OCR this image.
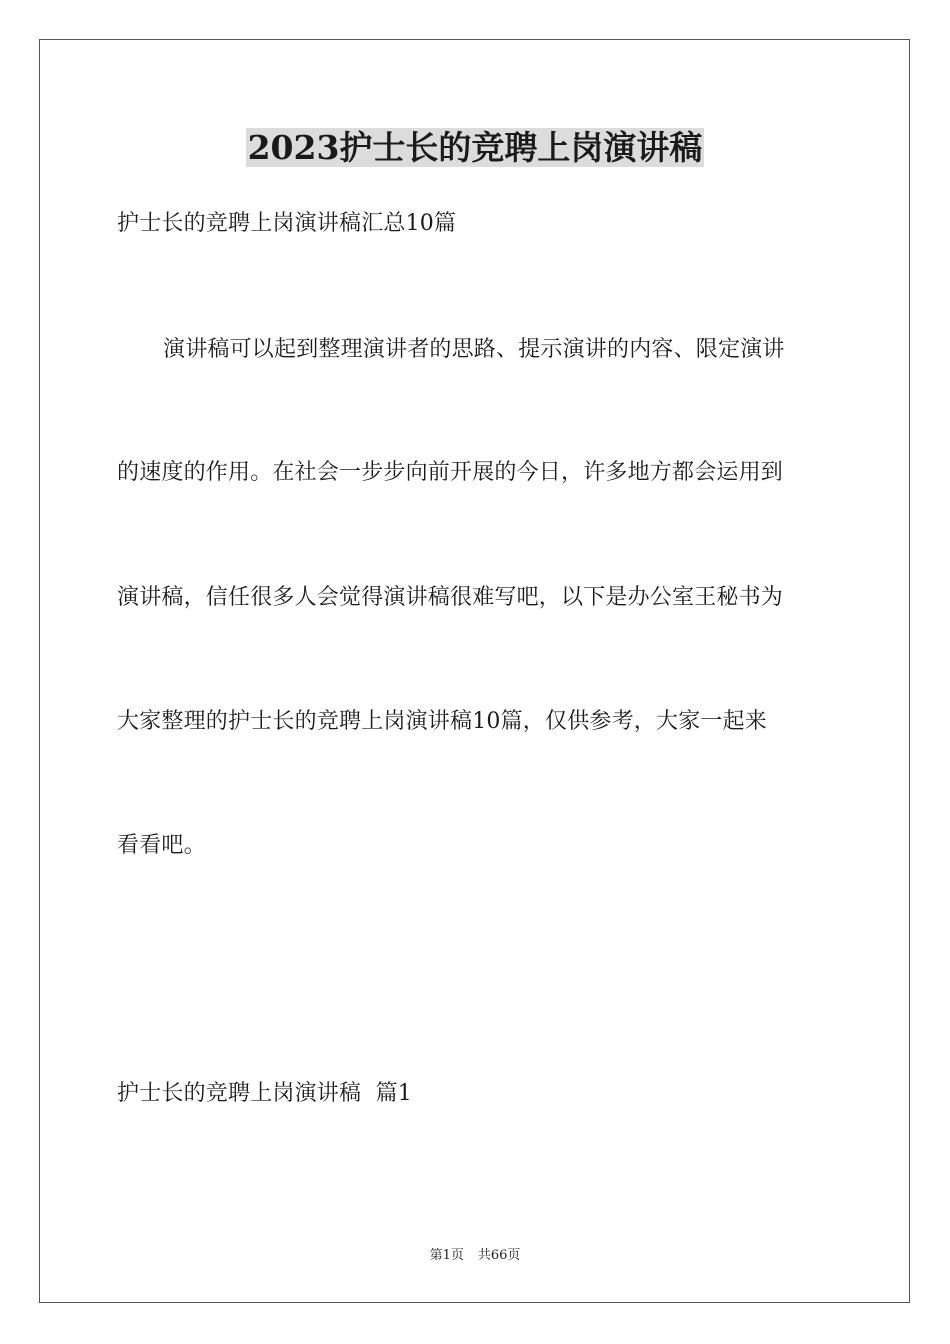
2023护士长的竞聘上岗演讲稿

护士长的竞聘上岗演讲稿汇总10篇

演讲稿可以起到整理演讲者的思路、提示演讲的内容、限定演讲

的速度的作用。在社会一步步向前开展的今日，许多地方都会运用到

演讲稿，信任很多人会觉得演讲稿很难写吧，以下是办公室王秘书为

大家整理的护士长的竞聘上岗演讲稿10篇，仅供参考，大家一起来

看看吧。

护士长的竞聘上岗演讲稿  篇1

第1页 共66页
